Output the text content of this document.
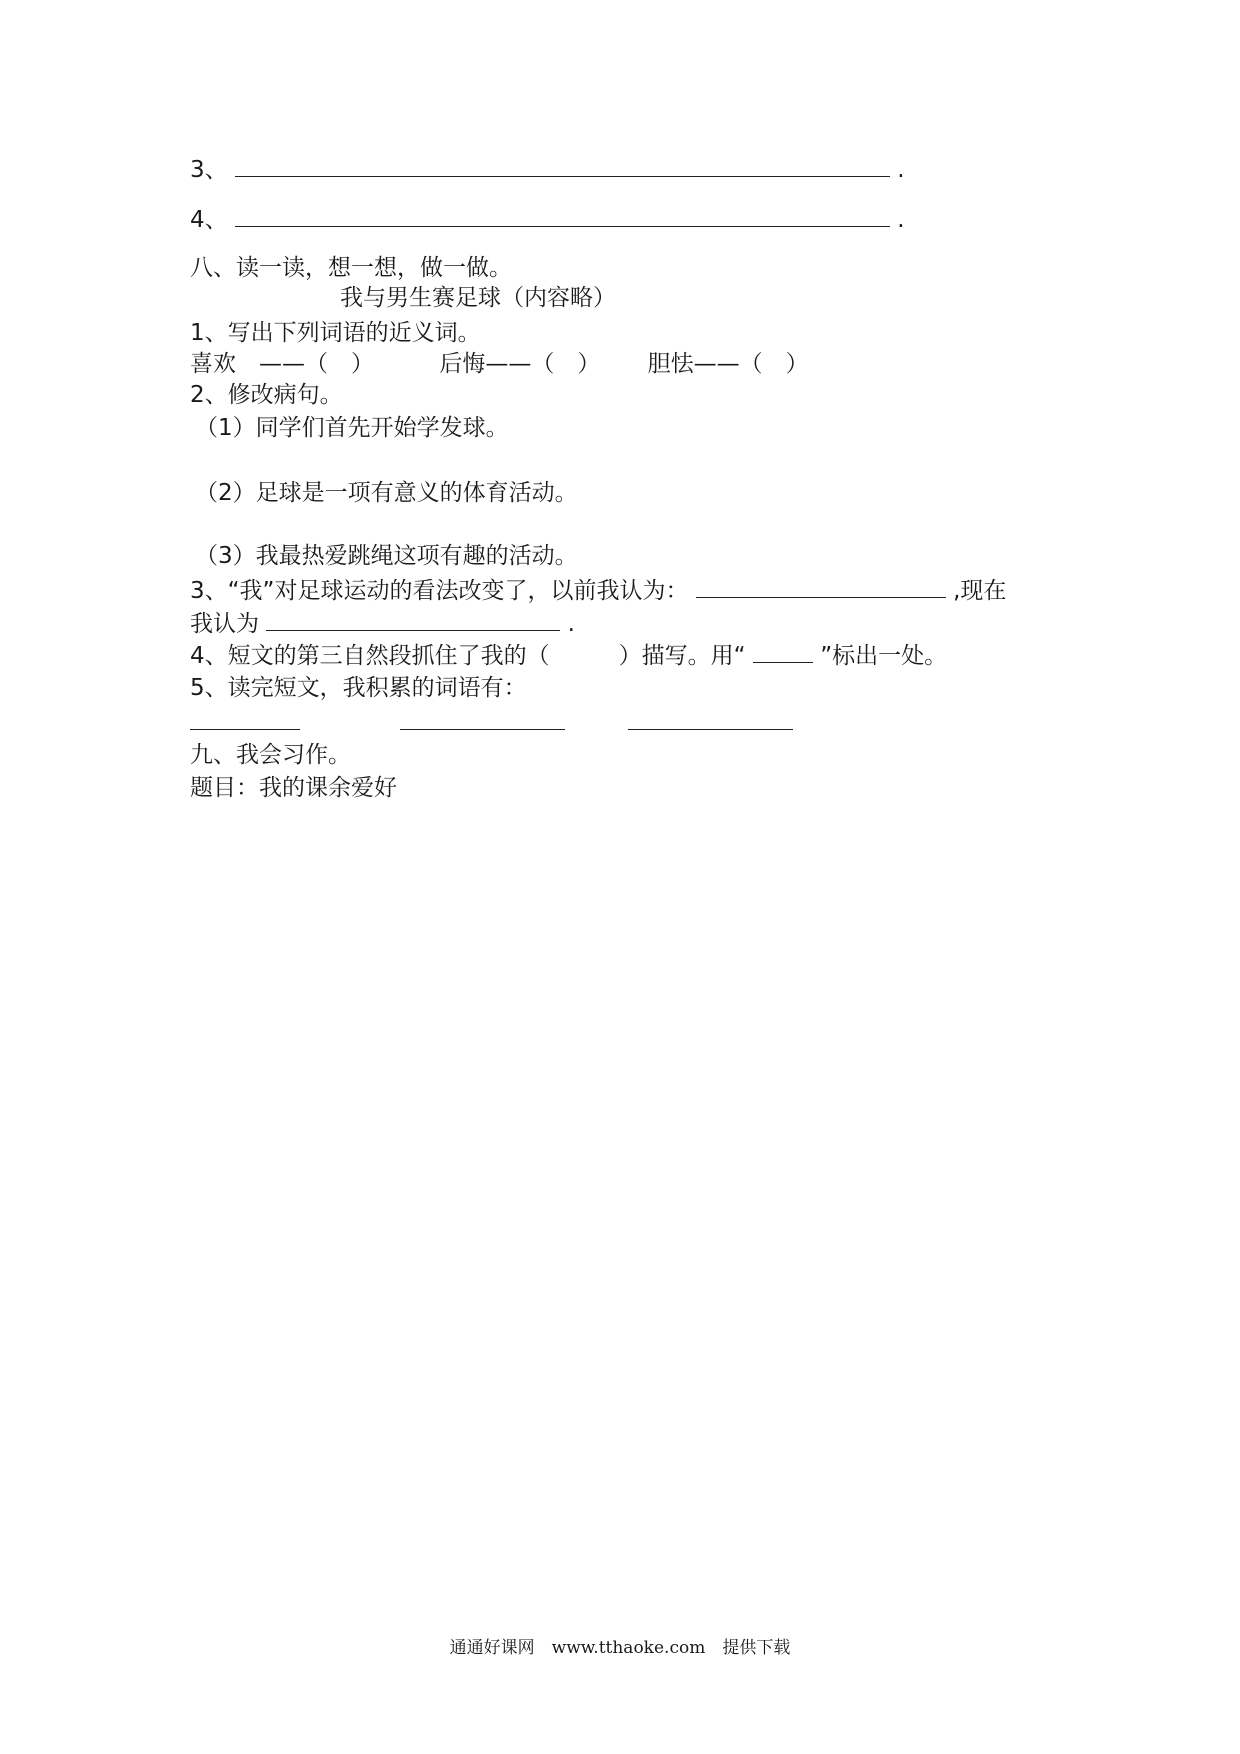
3、	.
4、	.
八、读一读，想一想，做一做。
我与男生赛足球（内容略）
1、写出下列词语的近义词。
喜欢　——（　）	后悔——（　） 胆怯——（　）
2、修改病句。
（1）同学们首先开始学发球。
（2）足球是一项有意义的体育活动。
（3）我最热爱跳绳这项有趣的活动。
3、“我”对足球运动的看法改变了，以前我认为：	,现在
我认为	.
4、短文的第三自然段抓住了我的（　　　）描写。用“	”标出一处。
5、读完短文，我积累的词语有：
九、我会习作。
题目：我的课余爱好
通通好课网　www.tthaoke.com　提供下载
